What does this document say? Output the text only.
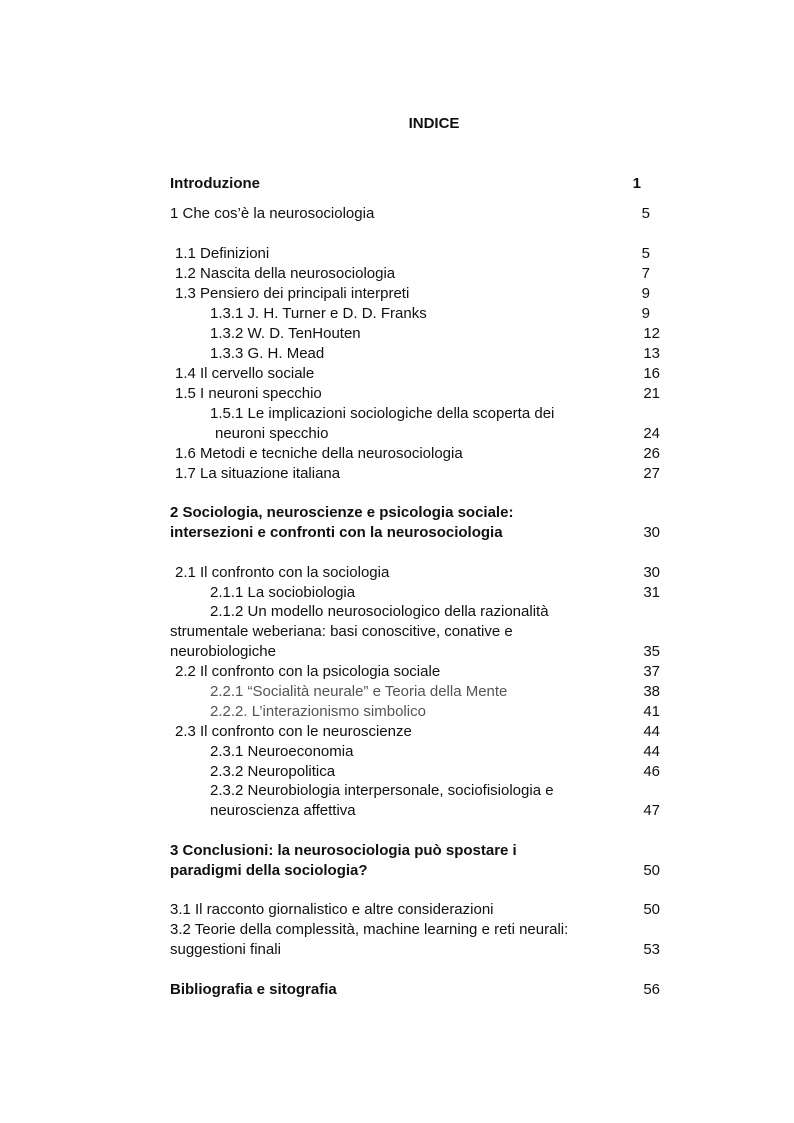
INDICE
Introduzione	1
1 Che cos’è la neurosociologia	5
1.1 Definizioni	5
1.2 Nascita della neurosociologia	7
1.3 Pensiero dei principali interpreti	9
1.3.1 J. H. Turner e D. D. Franks	9
1.3.2 W. D. TenHouten	12
1.3.3 G. H. Mead	13
1.4 Il cervello sociale	16
1.5 I neuroni specchio	21
1.5.1 Le implicazioni sociologiche della scoperta dei
neuroni specchio	24
1.6 Metodi e tecniche della neurosociologia	26
1.7 La situazione italiana	27
2 Sociologia, neuroscienze e psicologia sociale:
intersezioni e confronti con la neurosociologia	30
2.1 Il confronto con la sociologia	30
2.1.1 La sociobiologia	31
2.1.2 Un modello neurosociologico della razionalità
strumentale weberiana: basi conoscitive, conative e
neurobiologiche	35
2.2 Il confronto con la psicologia sociale	37
2.2.1 “Socialità neurale” e Teoria della Mente	38
2.2.2. L’interazionismo simbolico	41
2.3 Il confronto con le neuroscienze	44
2.3.1 Neuroeconomia	44
2.3.2 Neuropolitica	46
2.3.2 Neurobiologia interpersonale, sociofisiologia e
neuroscienza affettiva	47
3 Conclusioni: la neurosociologia può spostare i
paradigmi della sociologia?	50
3.1 Il racconto giornalistico e altre considerazioni	50
3.2 Teorie della complessità, machine learning e reti neurali:
suggestioni finali	53
Bibliografia e sitografia	56
